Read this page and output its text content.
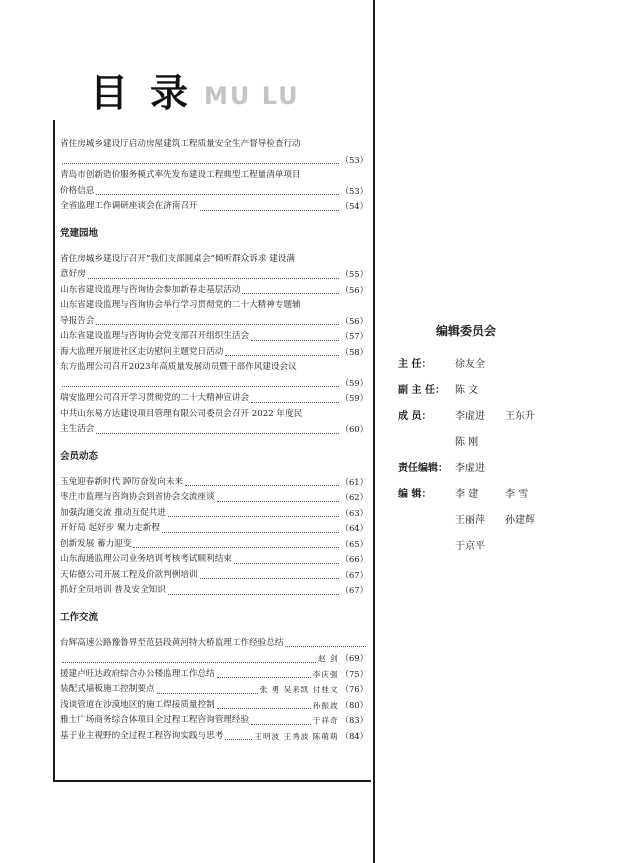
目录
MU LU
省住房城乡建设厅启动房屋建筑工程质量安全生产督导检查行动
（53）
青岛市创新造价服务模式率先发布建设工程典型工程量清单项目
价格信息	（53）
全省监理工作调研座谈会在济南召开	（54）
党建园地
省住房城乡建设厅召开“我们支部圆桌会”倾听群众诉求 建设满
意好房	（55）
山东省建设监理与咨询协会参加新春走基层活动	（56）
山东省建设监理与咨询协会举行学习贯彻党的二十大精神专题辅
导报告会	（56）
山东省建设监理与咨询协会党支部召开组织生活会	（57）
海大监理开展进社区走访慰问主题党日活动	（58）
东方监理公司召开2023年高质量发展动员暨干部作风建设会议
（59）
瑞安监理公司召开学习贯彻党的二十大精神宣讲会	（59）
中共山东易方达建设项目管理有限公司委员会召开 2022 年度民
主生活会	（60）
会员动态
玉兔迎春新时代 踔厉奋发向未来	（61）
枣庄市监理与咨询协会到省协会交流座谈	（62）
加强沟通交流 推动互促共进	（63）
开好局 起好步 聚力走新程	（64）
创新发展 蓄力迎变	（65）
山东海通监理公司业务培训考核考试顺利结束	（66）
天佑德公司开展工程及价款判例培训	（67）
抓好全员培训 普及安全知识	（67）
工作交流
台辉高速公路豫鲁界至范县段黄河特大桥监理工作经验总结
赵 剑 （69）
援建卢旺达政府综合办公楼监理工作总结	李庆强 （75）
装配式墙板施工控制要点	张 勇 吴来凯 付桂文 （76）
浅谈管道在沙漠地区的施工焊接质量控制	孙振波 （80）
雅士广场商务综合体项目全过程工程咨询管理经验	于祥奇 （83）
基于业主视野的全过程工程咨询实践与思考	王明波 王秀波 陈萌萌 （84）
编辑委员会
主 任：	徐友全
副 主 任：	陈 文
成 员：	李虚进	王东升
陈 刚
责任编辑： 李虚进
编 辑：	李 建	李 雪
王丽萍	孙建辉
于京平
